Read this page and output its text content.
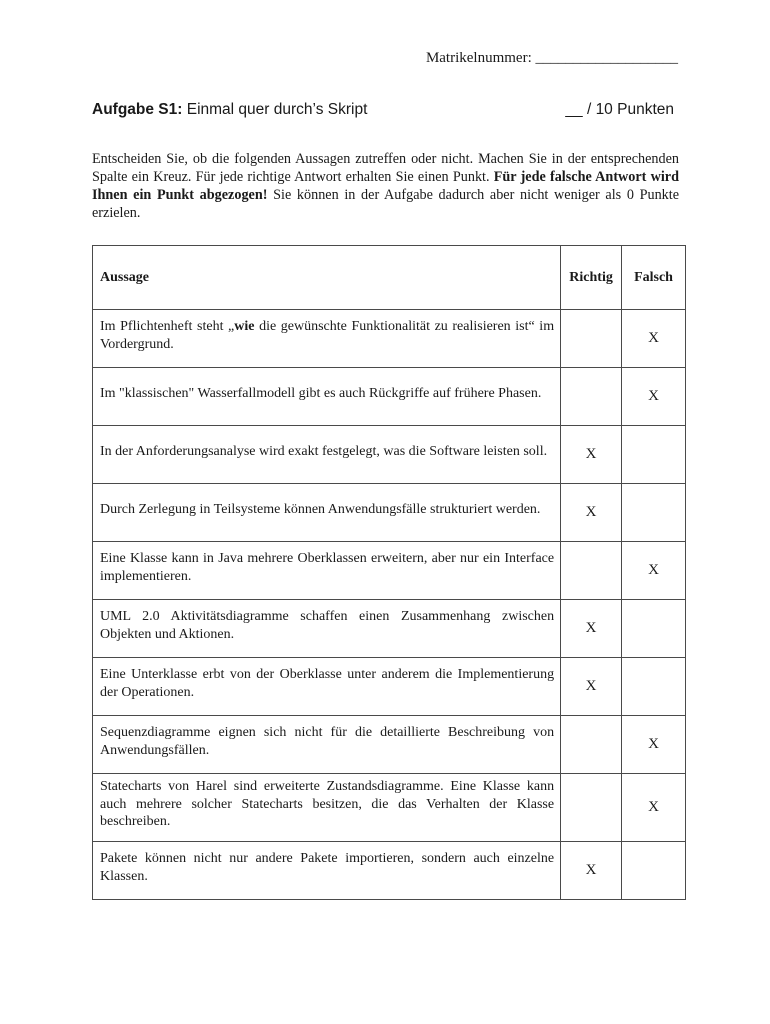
Matrikelnummer: ___________________
Aufgabe S1: Einmal quer durch’s Skript	__ / 10 Punkten
Entscheiden Sie, ob die folgenden Aussagen zutreffen oder nicht. Machen Sie in der entsprechenden Spalte ein Kreuz. Für jede richtige Antwort erhalten Sie einen Punkt. Für jede falsche Antwort wird Ihnen ein Punkt abgezogen! Sie können in der Aufgabe dadurch aber nicht weniger als 0 Punkte erzielen.
Aussage	Richtig	Falsch
Im Pflichtenheft steht „wie die gewünschte Funktionalität zu realisieren ist“ im Vordergrund.		X
Im "klassischen" Wasserfallmodell gibt es auch Rückgriffe auf frühere Phasen.		X
In der Anforderungsanalyse wird exakt festgelegt, was die Software leisten soll.	X	
Durch Zerlegung in Teilsysteme können Anwendungsfälle strukturiert werden.	X	
Eine Klasse kann in Java mehrere Oberklassen erweitern, aber nur ein Interface implementieren.		X
UML 2.0 Aktivitätsdiagramme schaffen einen Zusammenhang zwischen Objekten und Aktionen.	X	
Eine Unterklasse erbt von der Oberklasse unter anderem die Implementierung der Operationen.	X	
Sequenzdiagramme eignen sich nicht für die detaillierte Beschreibung von Anwendungsfällen.		X
Statecharts von Harel sind erweiterte Zustandsdiagramme. Eine Klasse kann auch mehrere solcher Statecharts besitzen, die das Verhalten der Klasse beschreiben.		X
Pakete können nicht nur andere Pakete importieren, sondern auch einzelne Klassen.	X	
